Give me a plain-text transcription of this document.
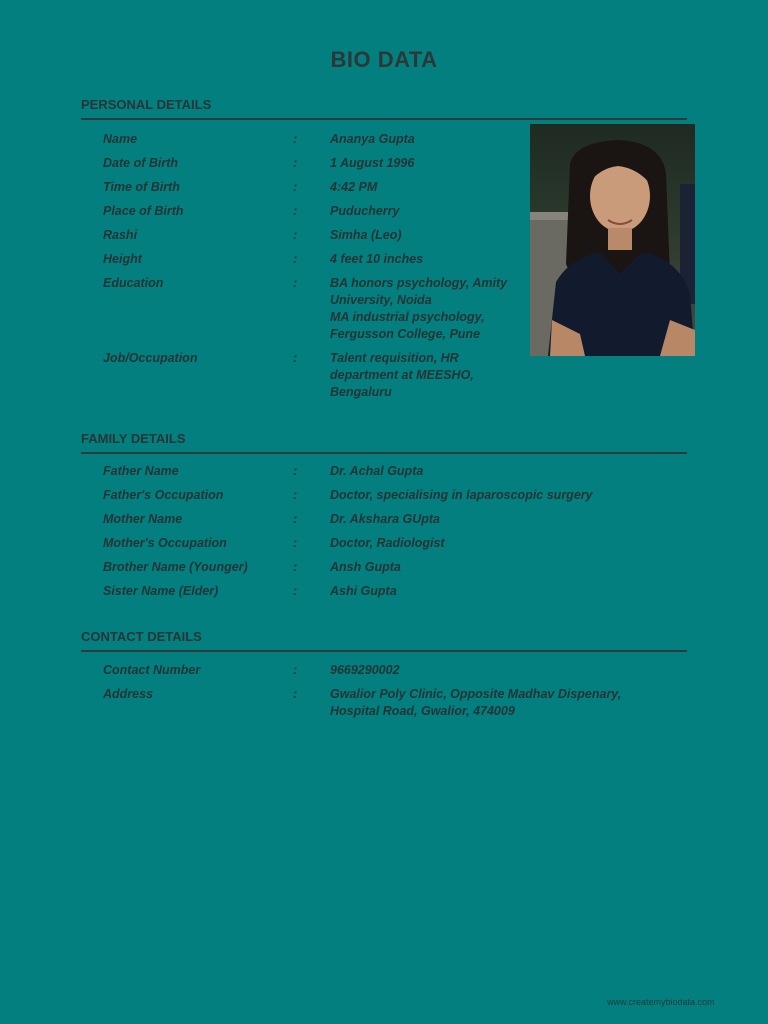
BIO DATA
PERSONAL DETAILS
Name	:	Ananya Gupta
Date of Birth	:	1 August 1996
Time of Birth	:	4:42 PM
Place of Birth	:	Puducherry
Rashi	:	Simha (Leo)
Height	:	4 feet 10 inches
Education	:	BA honors psychology, Amity University, Noida
MA industrial psychology, Fergusson College, Pune
Job/Occupation	:	Talent requisition, HR department at MEESHO, Bengaluru
FAMILY DETAILS
Father Name	:	Dr. Achal Gupta
Father's Occupation	:	Doctor, specialising in laparoscopic surgery
Mother Name	:	Dr. Akshara GUpta
Mother's Occupation	:	Doctor, Radiologist
Brother Name (Younger)	:	Ansh Gupta
Sister Name (Elder)	:	Ashi Gupta
CONTACT DETAILS
Contact Number	:	9669290002
Address	:	Gwalior Poly Clinic, Opposite Madhav Dispenary, Hospital Road, Gwalior, 474009
www.createmybiodata.com
